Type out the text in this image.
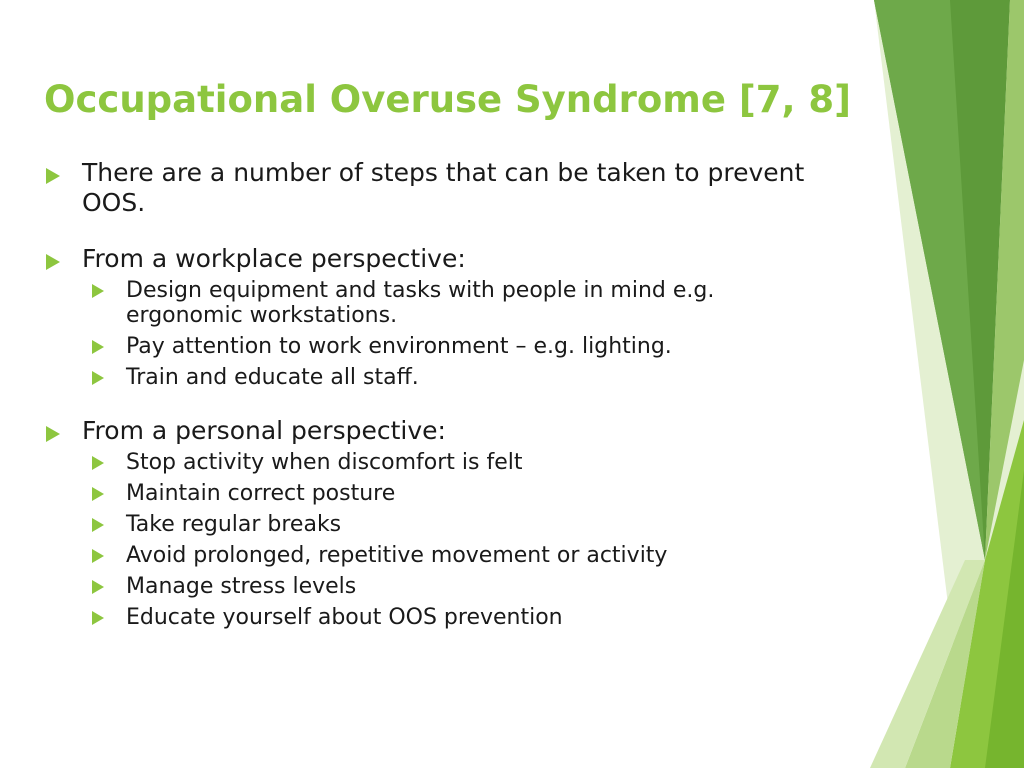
Occupational Overuse Syndrome [7, 8]
There are a number of steps that can be taken to prevent OOS.
From a workplace perspective:
Design equipment and tasks with people in mind e.g. ergonomic workstations.
Pay attention to work environment – e.g. lighting.
Train and educate all staff.
From a personal perspective:
Stop activity when discomfort is felt
Maintain correct posture
Take regular breaks
Avoid prolonged, repetitive movement or activity
Manage stress levels
Educate yourself about OOS prevention
